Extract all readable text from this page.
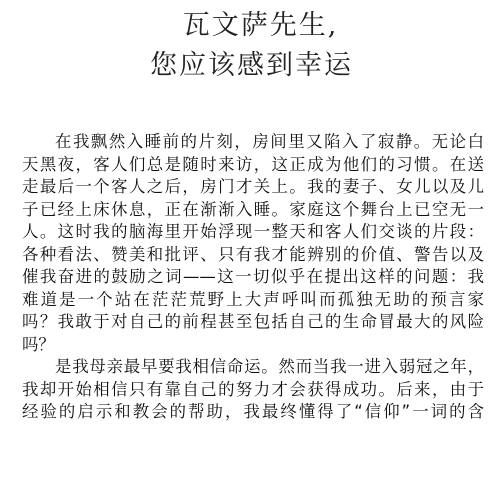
瓦文萨先生,
您应该感到幸运
在我飘然入睡前的片刻，房间里又陷入了寂静。无论白
天黑夜，客人们总是随时来访，这正成为他们的习惯。在送
走最后一个客人之后，房门才关上。我的妻子、女儿以及儿
子已经上床休息，正在渐渐入睡。家庭这个舞台上已空无一
人。这时我的脑海里开始浮现一整天和客人们交谈的片段：
各种看法、赞美和批评、只有我才能辨别的价值、警告以及
催我奋进的鼓励之词——这一切似乎在提出这样的问题：我
难道是一个站在茫茫荒野上大声呼叫而孤独无助的预言家
吗？我敢于对自己的前程甚至包括自己的生命冒最大的风险
吗？
是我母亲最早要我相信命运。然而当我一进入弱冠之年，
我却开始相信只有靠自己的努力才会获得成功。后来，由于
经验的启示和教会的帮助，我最终懂得了“信仰”一词的含
